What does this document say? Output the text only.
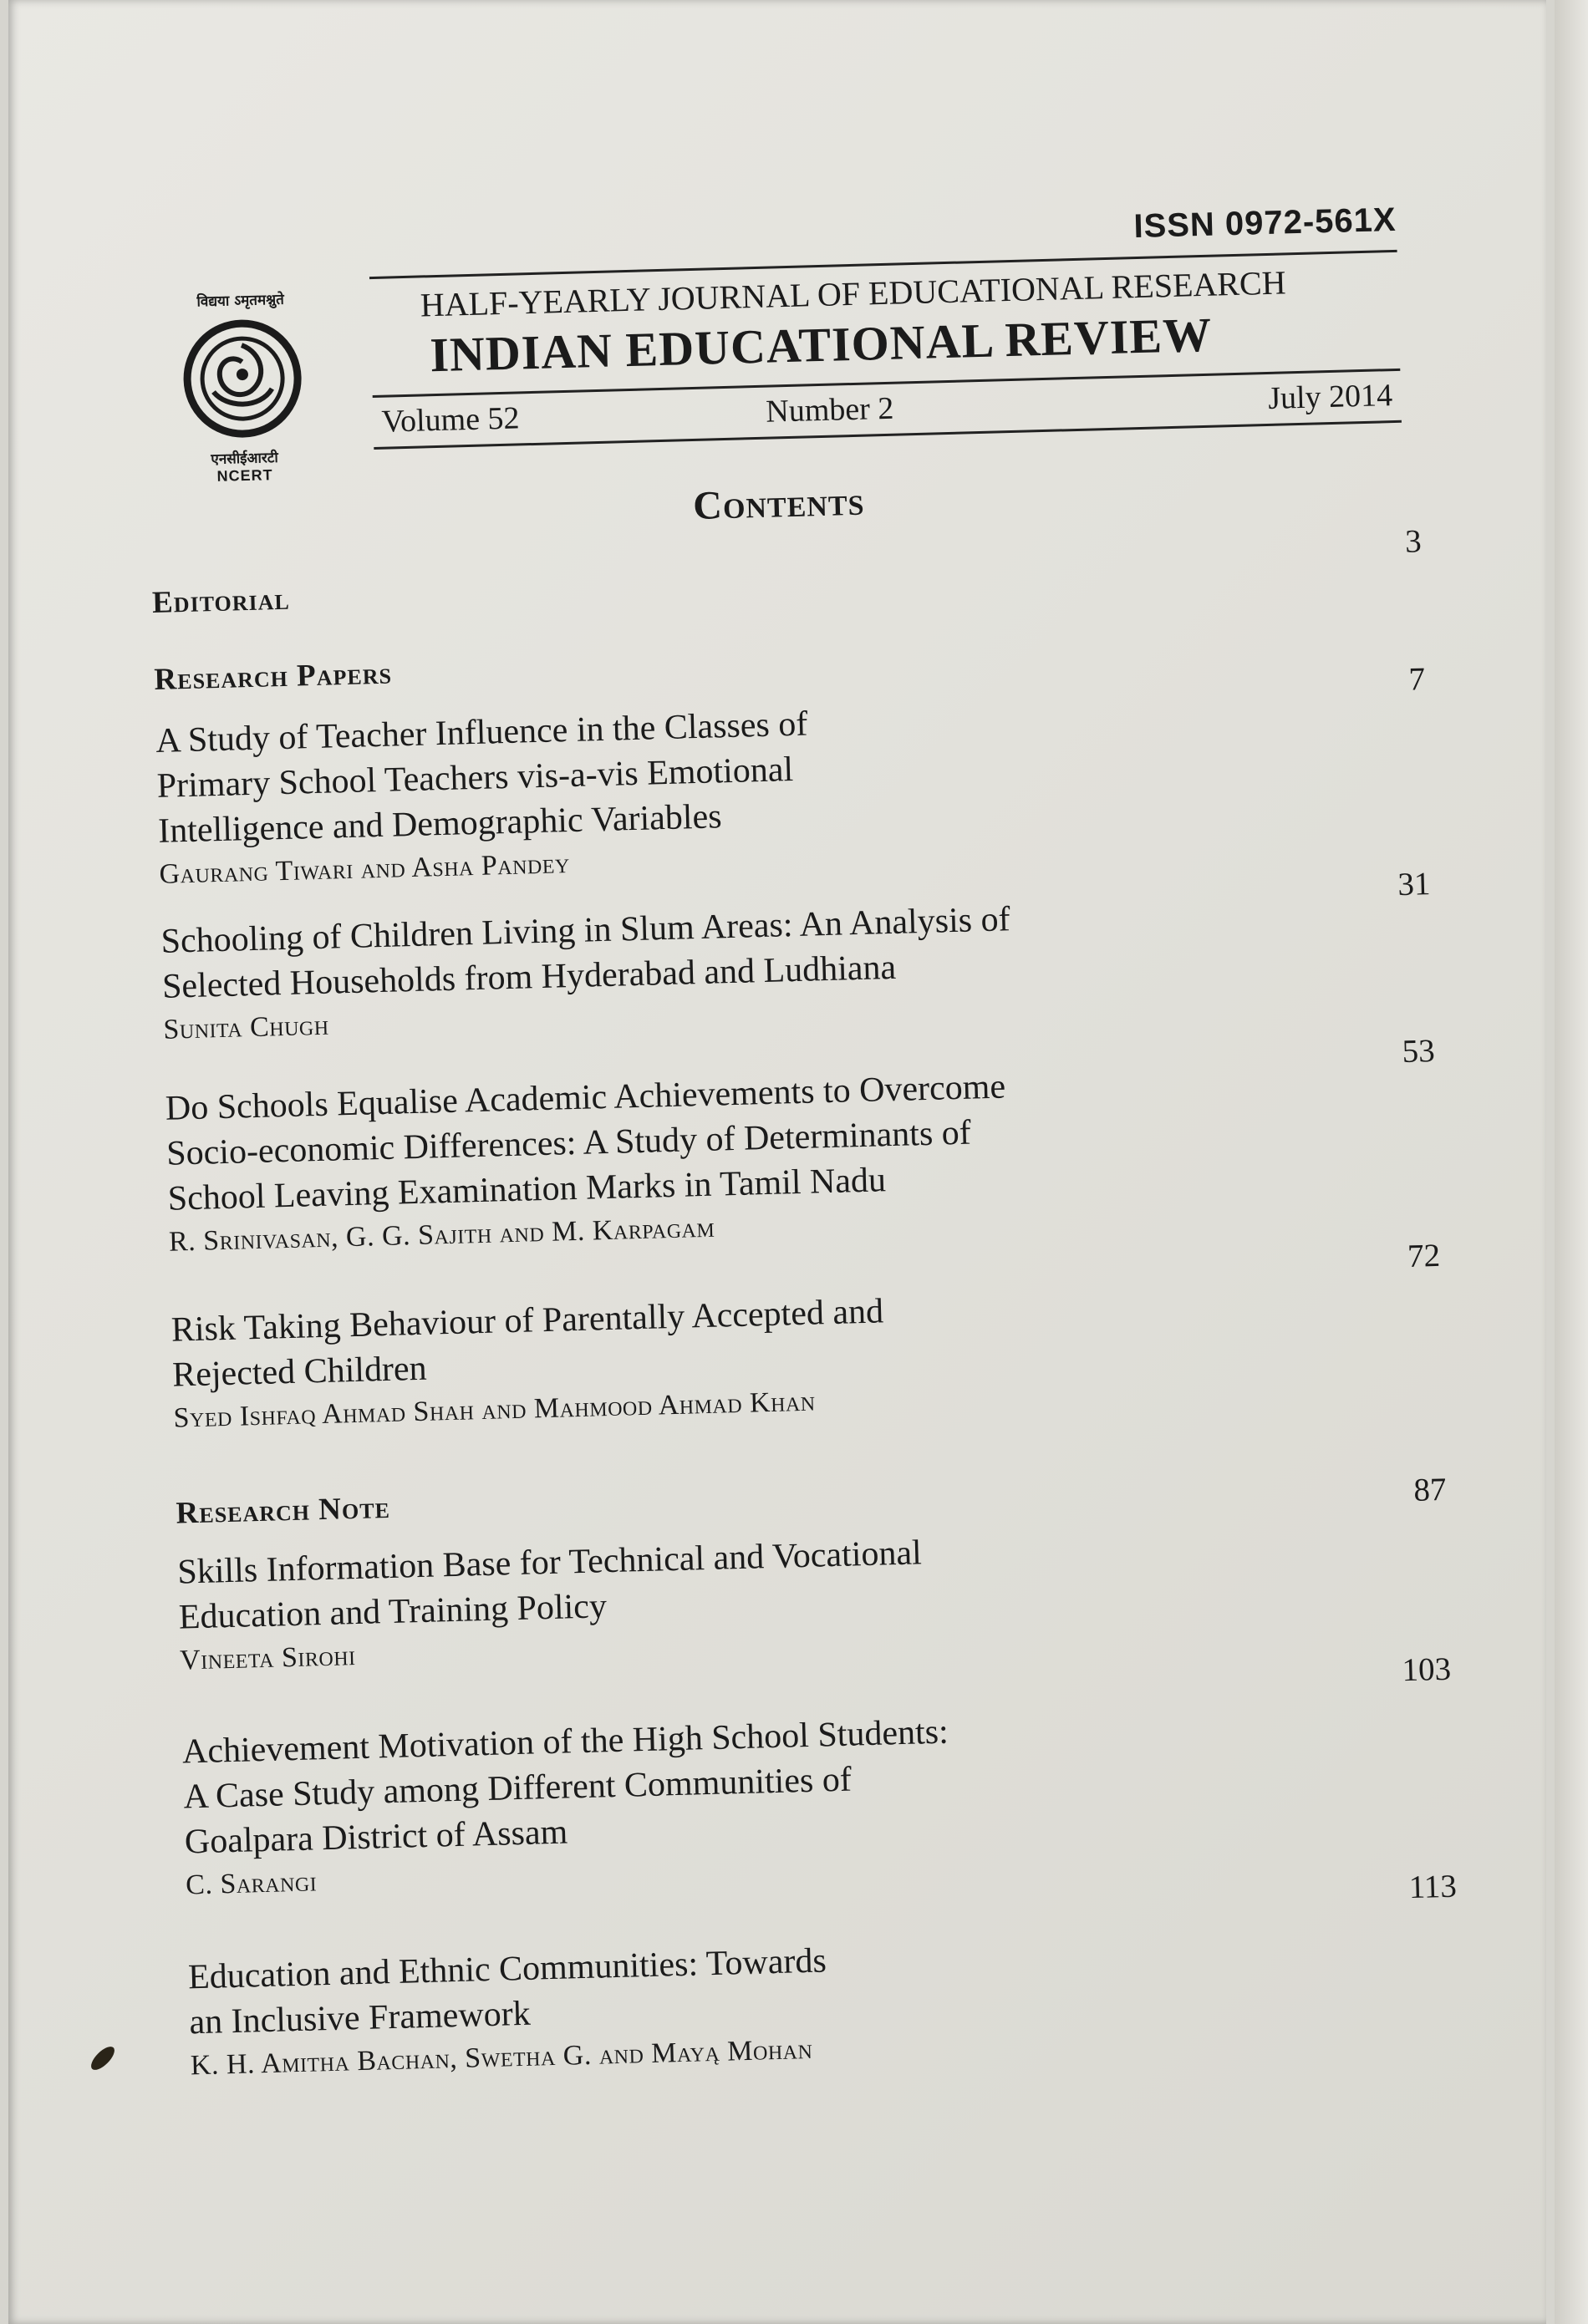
विद्यया ऽमृतमश्नुते
एनसीईआरटी
NCERT
ISSN 0972-561X
HALF-YEARLY JOURNAL OF EDUCATIONAL RESEARCH
INDIAN EDUCATIONAL REVIEW
Volume 52	Number 2	July 2014
Contents
Editorial
3
Research Papers
A Study of Teacher Influence in the Classes of
Primary School Teachers vis-a-vis Emotional
Intelligence and Demographic Variables
Gaurang Tiwari and Asha Pandey
7
Schooling of Children Living in Slum Areas: An Analysis of
Selected Households from Hyderabad and Ludhiana
Sunita Chugh
31
Do Schools Equalise Academic Achievements to Overcome
Socio-economic Differences: A Study of Determinants of
School Leaving Examination Marks in Tamil Nadu
R. Srinivasan, G. G. Sajith and M. Karpagam
53
Risk Taking Behaviour of Parentally Accepted and
Rejected Children
Syed Ishfaq Ahmad Shah and Mahmood Ahmad Khan
72
Research Note
Skills Information Base for Technical and Vocational
Education and Training Policy
Vineeta Sirohi
87
Achievement Motivation of the High School Students:
A Case Study among Different Communities of
Goalpara District of Assam
C. Sarangi
103
Education and Ethnic Communities: Towards
an Inclusive Framework
K. H. Amitha Bachan, Swetha G. and Mayą Mohan
113
